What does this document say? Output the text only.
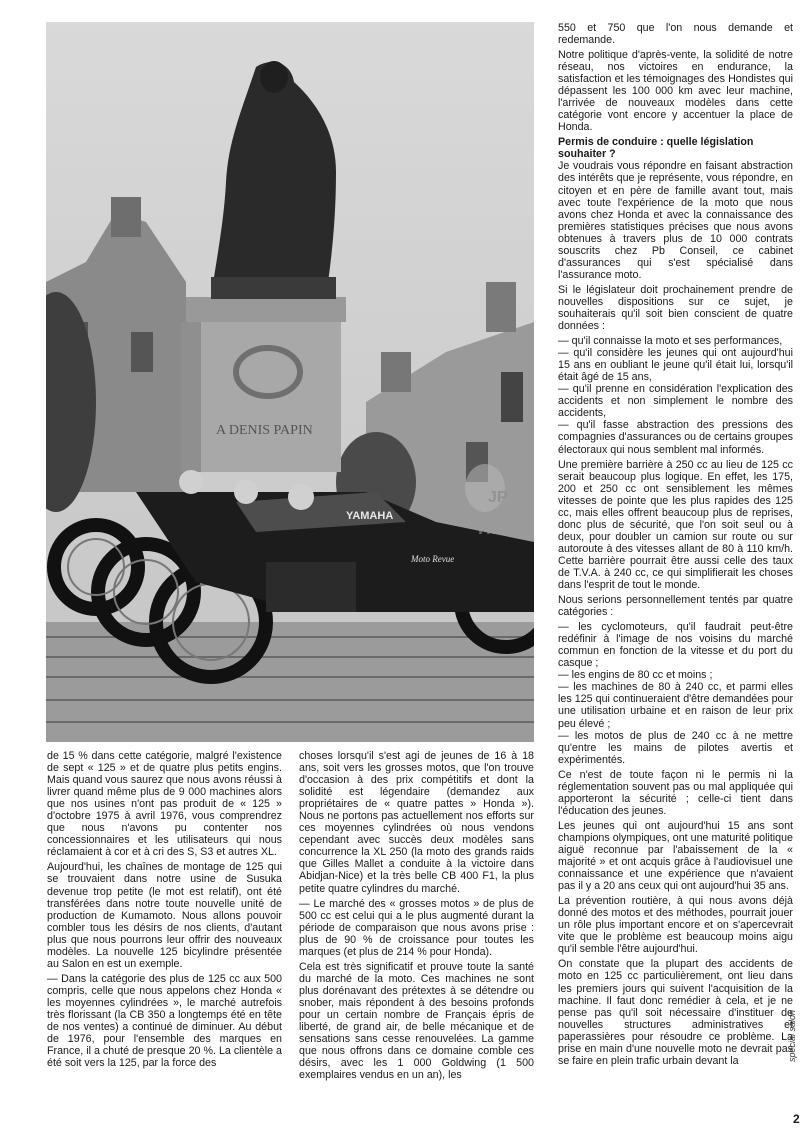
A DENIS PAPIN
YAMAHA
Moto Revue
JP
HD

de 15 % dans cette catégorie, malgré l'existence de sept « 125 » et de quatre plus petits engins. Mais quand vous saurez que nous avons réussi à livrer quand même plus de 9 000 machines alors que nos usines n'ont pas produit de « 125 » d'octobre 1975 à avril 1976, vous comprendrez que nous n'avons pu contenter nos concessionnaires et les utilisateurs qui nous réclamaient à cor et à cri des S, S3 et autres XL.

Aujourd'hui, les chaînes de montage de 125 qui se trouvaient dans notre usine de Susuka devenue trop petite (le mot est relatif), ont été transférées dans notre toute nouvelle unité de production de Kumamoto. Nous allons pouvoir combler tous les désirs de nos clients, d'autant plus que nous pourrons leur offrir des nouveaux modèles. La nouvelle 125 bicylindre présentée au Salon en est un exemple.

— Dans la catégorie des plus de 125 cc aux 500 compris, celle que nous appelons chez Honda « les moyennes cylindrées », le marché autrefois très florissant (la CB 350 a longtemps été en tête de nos ventes) a continué de diminuer. Au début de 1976, pour l'ensemble des marques en France, il a chuté de presque 20 %. La clientèle a été soit vers la 125, par la force des

choses lorsqu'il s'est agi de jeunes de 16 à 18 ans, soit vers les grosses motos, que l'on trouve d'occasion à des prix compétitifs et dont la solidité est légendaire (demandez aux propriétaires de « quatre pattes » Honda »). Nous ne portons pas actuellement nos efforts sur ces moyennes cylindrées où nous vendons cependant avec succès deux modèles sans concurrence la XL 250 (la moto des grands raids que Gilles Mallet a conduite à la victoire dans Abidjan-Nice) et la très belle CB 400 F1, la plus petite quatre cylindres du marché.

— Le marché des « grosses motos » de plus de 500 cc est celui qui a le plus augmenté durant la période de comparaison que nous avons prise : plus de 90 % de croissance pour toutes les marques (et plus de 214 % pour Honda).

Cela est très significatif et prouve toute la santé du marché de la moto. Ces machines ne sont plus dorénavant des prétextes à se détendre ou snober, mais répondent à des besoins profonds pour un certain nombre de Français épris de liberté, de grand air, de belle mécanique et de sensations sans cesse renouvelées. La gamme que nous offrons dans ce domaine comble ces désirs, avec les 1 000 Goldwing (1 500 exemplaires vendus en un an), les

550 et 750 que l'on nous demande et redemande.

Notre politique d'après-vente, la solidité de notre réseau, nos victoires en endurance, la satisfaction et les témoignages des Hondistes qui dépassent les 100 000 km avec leur machine, l'arrivée de nouveaux modèles dans cette catégorie vont encore y accentuer la place de Honda.

Permis de conduire : quelle législation souhaiter ?

Je voudrais vous répondre en faisant abstraction des intérêts que je représente, vous répondre, en citoyen et en père de famille avant tout, mais avec toute l'expérience de la moto que nous avons chez Honda et avec la connaissance des premières statistiques précises que nous avons obtenues à travers plus de 10 000 contrats souscrits chez Pb Conseil, ce cabinet d'assurances qui s'est spécialisé dans l'assurance moto.

Si le législateur doit prochainement prendre de nouvelles dispositions sur ce sujet, je souhaiterais qu'il soit bien conscient de quatre données :

— qu'il connaisse la moto et ses performances,
— qu'il considère les jeunes qui ont aujourd'hui 15 ans en oubliant le jeune qu'il était lui, lorsqu'il était âgé de 15 ans,
— qu'il prenne en considération l'explication des accidents et non simplement le nombre des accidents,
— qu'il fasse abstraction des pressions des compagnies d'assurances ou de certains groupes électoraux qui nous semblent mal informés.

Une première barrière à 250 cc au lieu de 125 cc serait beaucoup plus logique. En effet, les 175, 200 et 250 cc ont sensiblement les mêmes vitesses de pointe que les plus rapides des 125 cc, mais elles offrent beaucoup plus de reprises, donc plus de sécurité, que l'on soit seul ou à deux, pour doubler un camion sur route ou sur autoroute à des vitesses allant de 80 à 110 km/h. Cette barrière pourrait être aussi celle des taux de T.V.A. à 240 cc, ce qui simplifierait les choses dans l'esprit de tout le monde.

Nous serions personnellement tentés par quatre catégories :

— les cyclomoteurs, qu'il faudrait peut-être redéfinir à l'image de nos voisins du marché commun en fonction de la vitesse et du port du casque ;
— les engins de 80 cc et moins ;
— les machines de 80 à 240 cc, et parmi elles les 125 qui continueraient d'être demandées pour une utilisation urbaine et en raison de leur prix peu élevé ;
— les motos de plus de 240 cc à ne mettre qu'entre les mains de pilotes avertis et expérimentés.

Ce n'est de toute façon ni le permis ni la réglementation souvent pas ou mal appliquée qui apporteront la sécurité ; celle-ci tient dans l'éducation des jeunes.

Les jeunes qui ont aujourd'hui 15 ans sont champions olympiques, ont une maturité politique aiguë reconnue par l'abaissement de la « majorité » et ont acquis grâce à l'audiovisuel une connaissance et une expérience que n'avaient pas il y a 20 ans ceux qui ont aujourd'hui 35 ans.

La prévention routière, à qui nous avons déjà donné des motos et des méthodes, pourrait jouer un rôle plus important encore et on s'apercevrait vite que le problème est beaucoup moins aigu qu'il semble l'être aujourd'hui.

On constate que la plupart des accidents de moto en 125 cc particulièrement, ont lieu dans les premiers jours qui suivent l'acquisition de la machine. Il faut donc remédier à cela, et je ne pense pas qu'il soit nécessaire d'instituer de nouvelles structures administratives et paperassières pour résoudre ce problème. La prise en main d'une nouvelle moto ne devrait pas se faire en plein trafic urbain devant la	spécial salon
2
